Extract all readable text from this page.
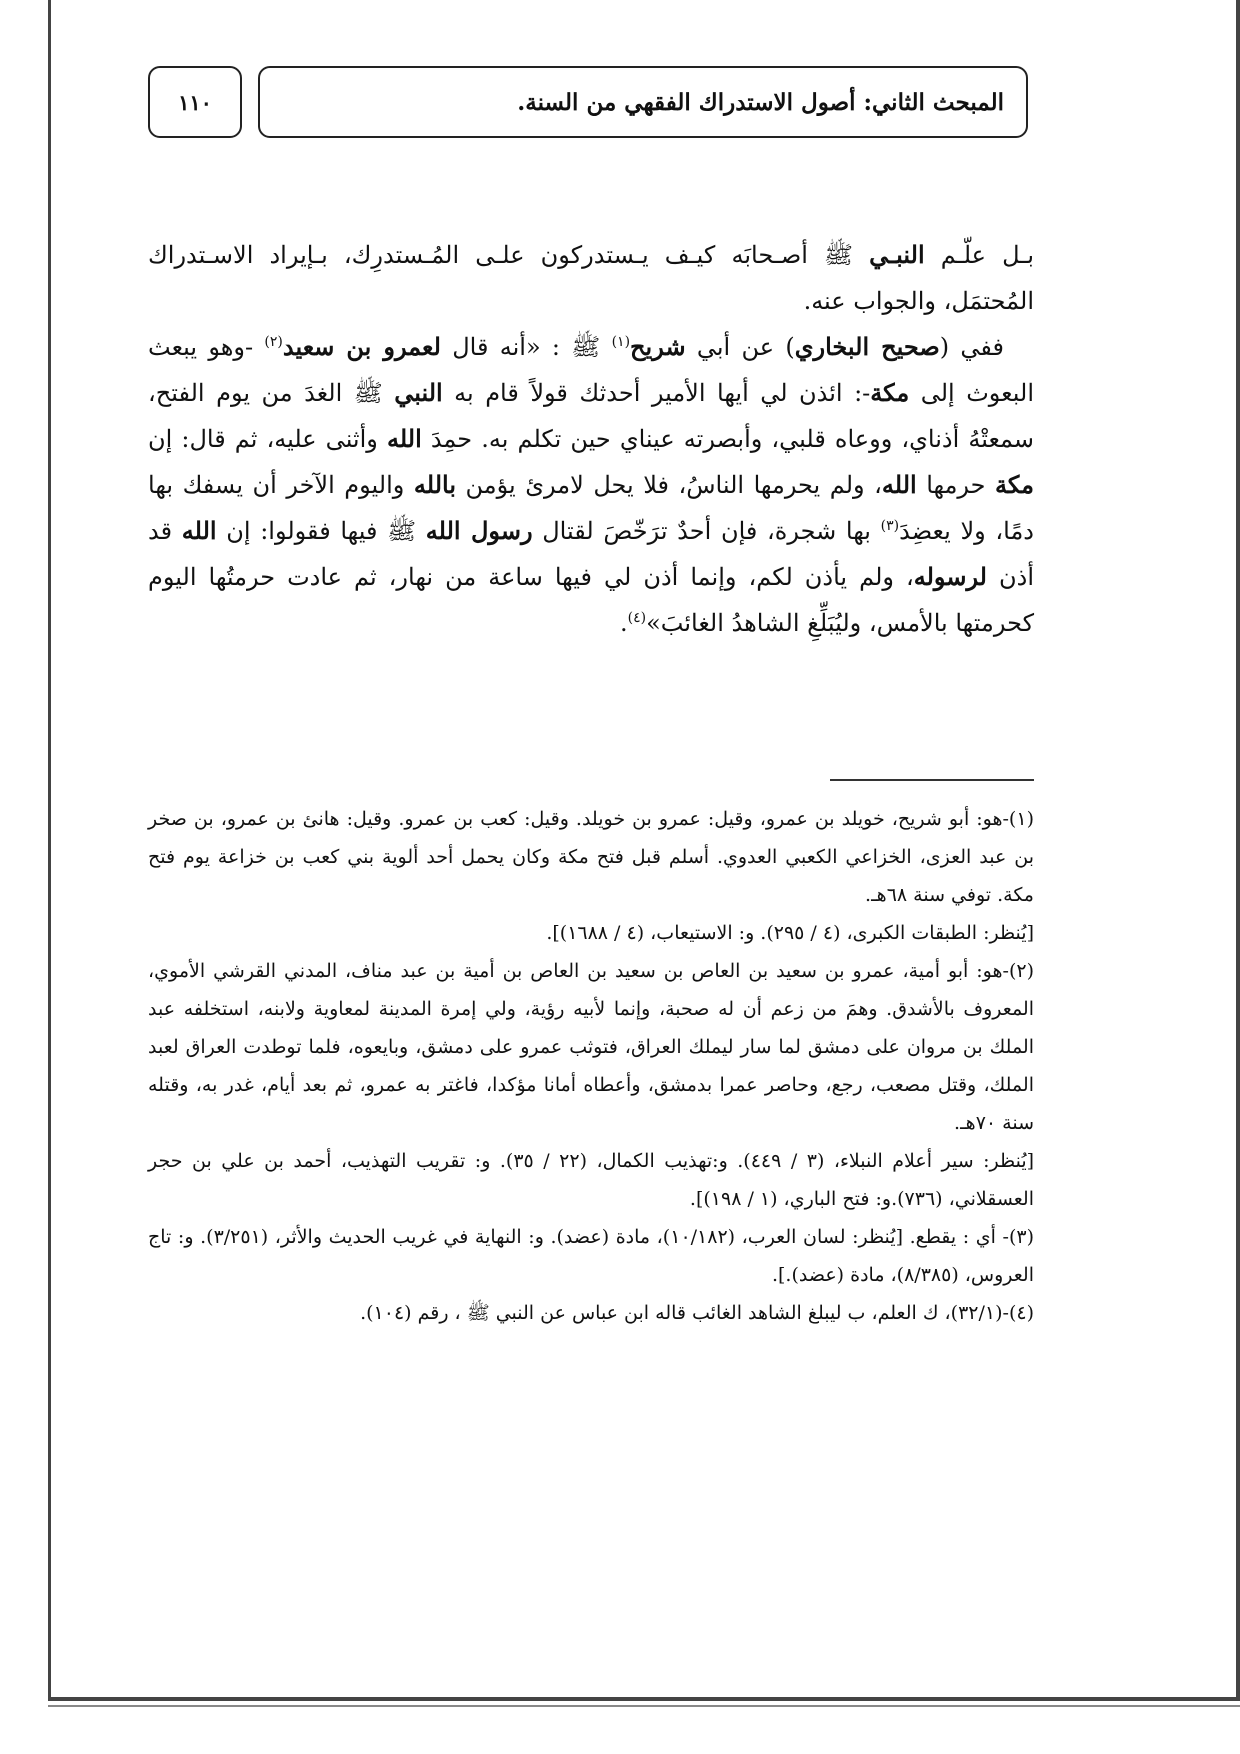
المبحث الثاني: أصول الاستدراك الفقهي من السنة.
١١٠

بـل علّـم النبـي ﷺ أصـحابَه كيـف يـستدركون علـى المُـستدرِك، بـإيراد الاسـتدراك المُحتمَل، والجواب عنه.

ففي (صحيح البخاري) عن أبي شريح$^{(١)}$ ﷺ : «أنه قال لعمرو بن سعيد$^{(٢)}$ -وهو يبعث البعوث إلى مكة-: ائذن لي أيها الأمير أحدثك قولاً قام به النبي ﷺ الغدَ من يوم الفتح، سمعتْهُ أذناي، ووعاه قلبي، وأبصرته عيناي حين تكلم به. حمِدَ الله وأثنى عليه، ثم قال: إن مكة حرمها الله، ولم يحرمها الناسُ، فلا يحل لامرئ يؤمن بالله واليوم الآخر أن يسفك بها دمًا، ولا يعضِدَ$^{(٣)}$ بها شجرة، فإن أحدٌ ترَخّصَ لقتال رسول الله ﷺ فيها فقولوا: إن الله قد أذن لرسوله، ولم يأذن لكم، وإنما أذن لي فيها ساعة من نهار، ثم عادت حرمتُها اليوم كحرمتها بالأمس، وليُبَلِّغِ الشاهدُ الغائبَ»$^{(٤)}$.

(١)-هو: أبو شريح، خويلد بن عمرو، وقيل: عمرو بن خويلد. وقيل: كعب بن عمرو. وقيل: هانئ بن عمرو، بن صخر بن عبد العزى، الخزاعي الكعبي العدوي. أسلم قبل فتح مكة وكان يحمل أحد ألوية بني كعب بن خزاعة يوم فتح مكة. توفي سنة ٦٨هـ.

[يُنظر: الطبقات الكبرى، (٤ / ٢٩٥). و: الاستيعاب، (٤ / ١٦٨٨)].

(٢)-هو: أبو أمية، عمرو بن سعيد بن العاص بن سعيد بن العاص بن أمية بن عبد مناف، المدني القرشي الأموي، المعروف بالأشدق. وهمَ من زعم أن له صحبة، وإنما لأبيه رؤية، ولي إمرة المدينة لمعاوية ولابنه، استخلفه عبد الملك بن مروان على دمشق لما سار ليملك العراق، فتوثب عمرو على دمشق، وبايعوه، فلما توطدت العراق لعبد الملك، وقتل مصعب، رجع، وحاصر عمرا بدمشق، وأعطاه أمانا مؤكدا، فاغتر به عمرو، ثم بعد أيام، غدر به، وقتله سنة ٧٠هـ.

[يُنظر: سير أعلام النبلاء، (٣ / ٤٤٩). و:تهذيب الكمال، (٢٢ / ٣٥). و: تقريب التهذيب، أحمد بن علي بن حجر العسقلاني، (٧٣٦).و: فتح الباري، (١ / ١٩٨)].

(٣)- أي : يقطع. [يُنظر: لسان العرب، (١٠/١٨٢)، مادة (عضد). و: النهاية في غريب الحديث والأثر، (٣/٢٥١). و: تاج العروس، (٨/٣٨٥)، مادة (عضد).].

(٤)-(٣٢/١)، ك العلم، ب ليبلغ الشاهد الغائب قاله ابن عباس عن النبي ﷺ ، رقم (١٠٤).
